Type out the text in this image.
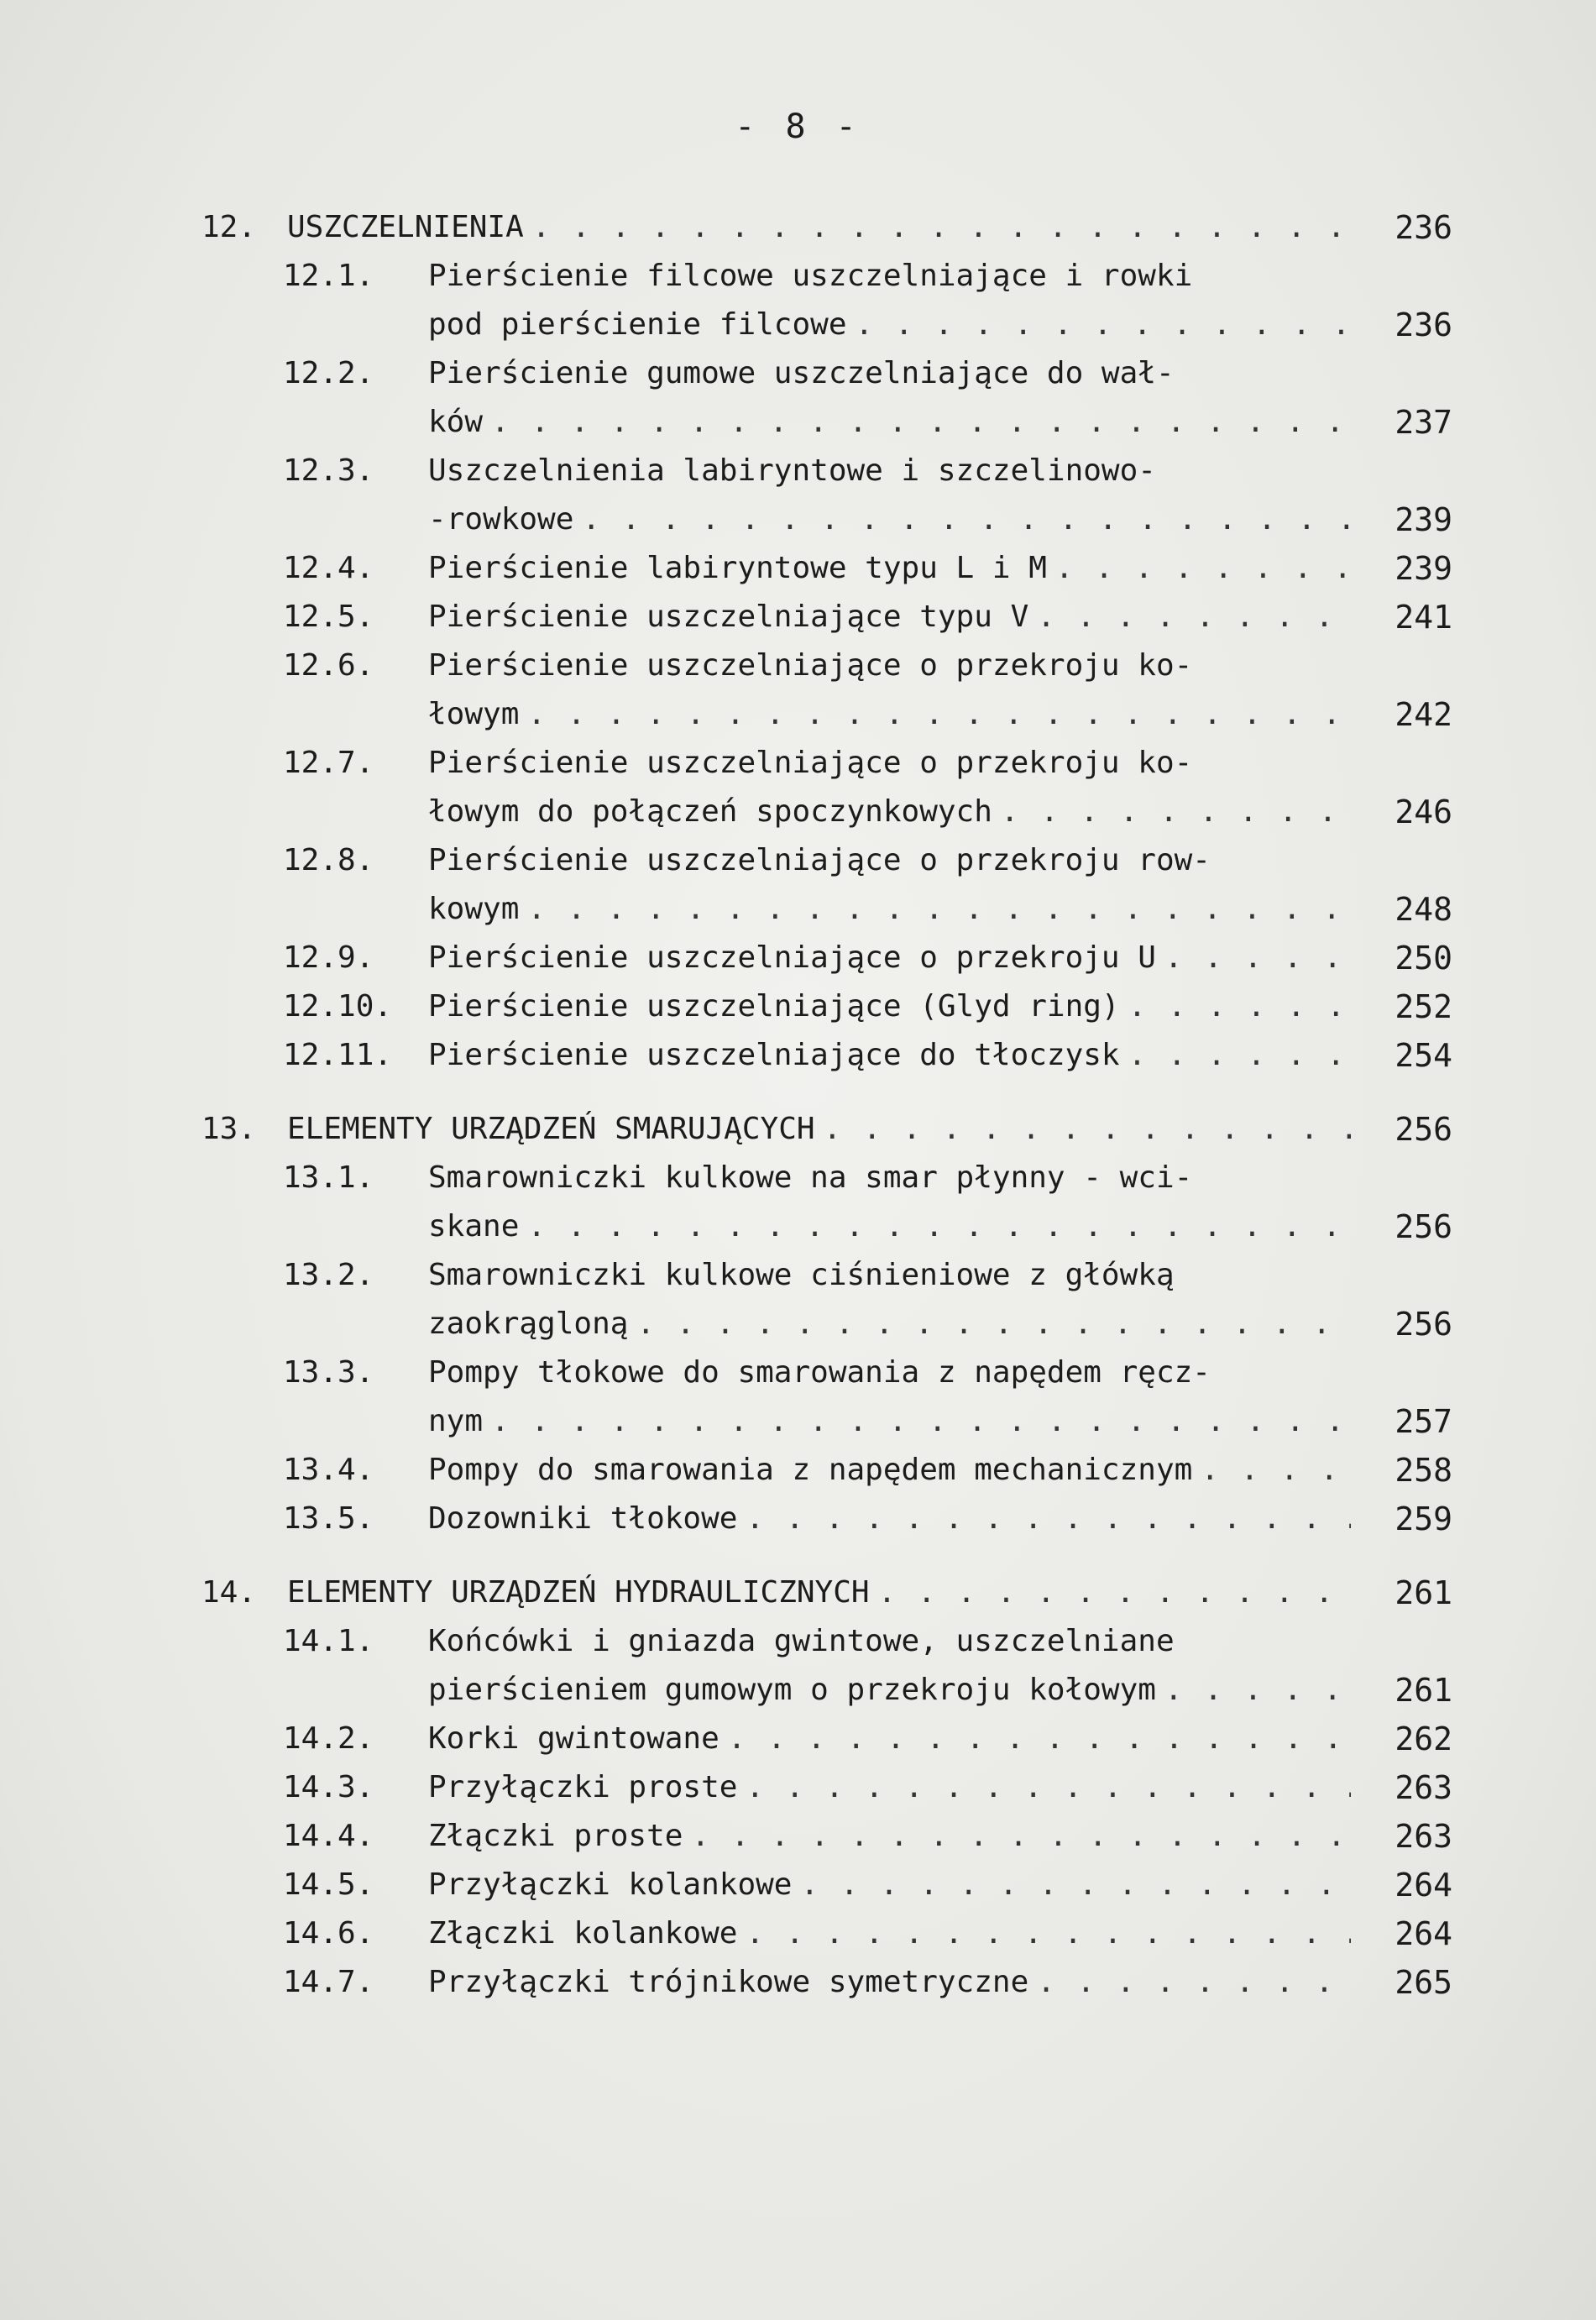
- 8 -
12. USZCZELNIENIA . . .	236
12.1. Pierścienie filcowe uszczelniające i rowki
pod pierścienie filcowe . . .	236
12.2. Pierścienie gumowe uszczelniające do wał-
ków . . .	237
12.3. Uszczelnienia labiryntowe i szczelinowo-
-rowkowe . . .	239
12.4. Pierścienie labiryntowe typu L i M . . .	239
12.5. Pierścienie uszczelniające typu V . . .	241
12.6. Pierścienie uszczelniające o przekroju ko-
łowym . . .	242
12.7. Pierścienie uszczelniające o przekroju ko-
łowym do połączeń spoczynkowych . . .	246
12.8. Pierścienie uszczelniające o przekroju row-
kowym . . .	248
12.9. Pierścienie uszczelniające o przekroju U . . .	250
12.10. Pierścienie uszczelniające (Glyd ring) . . .	252
12.11. Pierścienie uszczelniające do tłoczysk . . .	254
13. ELEMENTY URZĄDZEŃ SMARUJĄCYCH . . .	256
13.1. Smarowniczki kulkowe na smar płynny - wci-
skane . . .	256
13.2. Smarowniczki kulkowe ciśnieniowe z główką
zaokrągloną . . .	256
13.3. Pompy tłokowe do smarowania z napędem ręcz-
nym . . .	257
13.4. Pompy do smarowania z napędem mechanicznym . . .	258
13.5. Dozowniki tłokowe . . .	259
14. ELEMENTY URZĄDZEŃ HYDRAULICZNYCH . . .	261
14.1. Końcówki i gniazda gwintowe, uszczelniane
pierścieniem gumowym o przekroju kołowym . . .	261
14.2. Korki gwintowane . . .	262
14.3. Przyłączki proste . . .	263
14.4. Złączki proste . . .	263
14.5. Przyłączki kolankowe . . .	264
14.6. Złączki kolankowe . . .	264
14.7. Przyłączki trójnikowe symetryczne . . .	265
